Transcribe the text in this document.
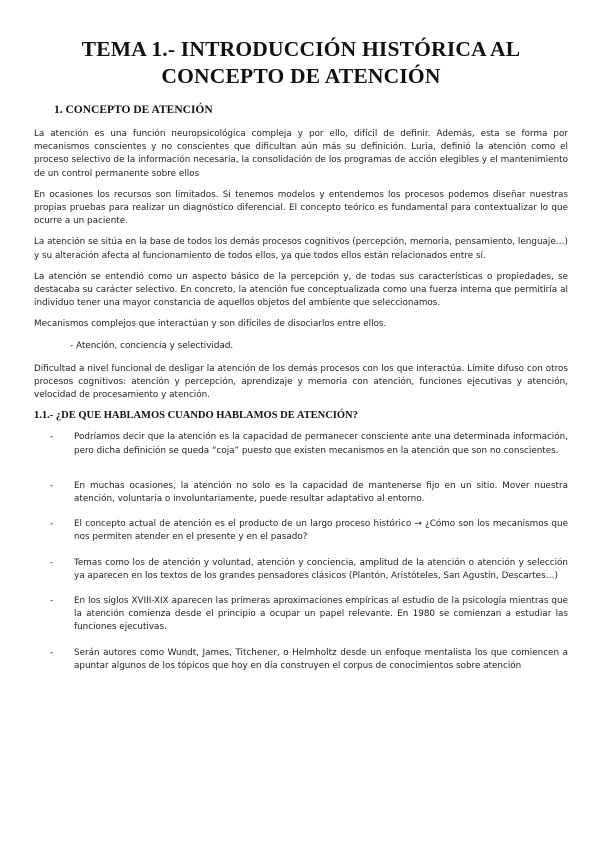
TEMA 1.- INTRODUCCIÓN HISTÓRICA AL CONCEPTO DE ATENCIÓN
1. CONCEPTO DE ATENCIÓN

La atención es una función neuropsicológica compleja y por ello, difícil de definir. Además, esta se forma por mecanismos conscientes y no conscientes que dificultan aún más su definición. Luria, definió la atención como el proceso selectivo de la información necesaria, la consolidación de los programas de acción elegibles y el mantenimiento de un control permanente sobre ellos

En ocasiones los recursos son limitados. Si tenemos modelos y entendemos los procesos podemos diseñar nuestras propias pruebas para realizar un diagnóstico diferencial. El concepto teórico es fundamental para contextualizar lo que ocurre a un paciente.

La atención se sitúa en la base de todos los demás procesos cognitivos (percepción, memoria, pensamiento, lenguaje…) y su alteración afecta al funcionamiento de todos ellos, ya que todos ellos están relacionados entre sí.

La atención se entendió como un aspecto básico de la percepción y, de todas sus características o propiedades, se destacaba su carácter selectivo. En concreto, la atención fue conceptualizada como una fuerza interna que permitiría al individuo tener una mayor constancia de aquellos objetos del ambiente que seleccionamos.

Mecanismos complejos que interactúan y son difíciles de disociarlos entre ellos.

- Atención, conciencia y selectividad.

Dificultad a nivel funcional de desligar la atención de los demás procesos con los que interactúa. Límite difuso con otros procesos cognitivos: atención y percepción, aprendizaje y memoria con atención, funciones ejecutivas y atención, velocidad de procesamiento y atención.

1.1.- ¿DE QUE HABLAMOS CUANDO HABLAMOS DE ATENCIÓN?
- Podríamos decir que la atención es la capacidad de permanecer consciente ante una determinada información, pero dicha definición se queda “coja” puesto que existen mecanismos en la atención que son no conscientes.
- En muchas ocasiones, la atención no solo es la capacidad de mantenerse fijo en un sitio. Mover nuestra atención, voluntaria o involuntariamente, puede resultar adaptativo al entorno.
- El concepto actual de atención es el producto de un largo proceso histórico → ¿Cómo son los mecanismos que nos permiten atender en el presente y en el pasado?
- Temas como los de atención y voluntad, atención y conciencia, amplitud de la atención o atención y selección ya aparecen en los textos de los grandes pensadores clásicos (Plantón, Aristóteles, San Agustín, Descartes…)
- En los siglos XVIII-XIX aparecen las primeras aproximaciones empíricas al estudio de la psicología mientras que la atención comienza desde el principio a ocupar un papel relevante. En 1980 se comienzan a estudiar las funciones ejecutivas.
- Serán autores como Wundt, James, Titchener, o Helmholtz desde un enfoque mentalista los que comiencen a apuntar algunos de los tópicos que hoy en día construyen el corpus de conocimientos sobre atención
